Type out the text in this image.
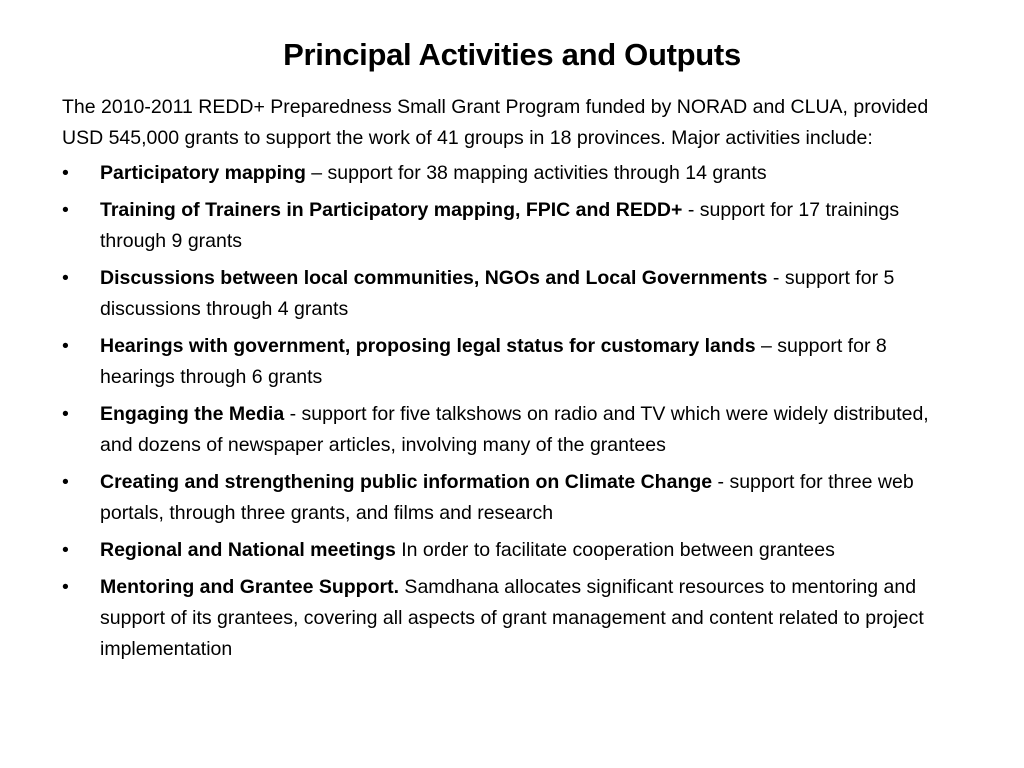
Principal Activities and Outputs

The 2010-2011 REDD+ Preparedness Small Grant Program funded by NORAD and CLUA, provided USD 545,000 grants to support the work of 41 groups in 18 provinces. Major activities include:

•	Participatory mapping – support for 38 mapping activities through 14 grants
•	Training of Trainers in Participatory mapping, FPIC and REDD+ - support for 17 trainings through 9 grants
•	Discussions between local communities, NGOs and Local Governments - support for 5 discussions through 4 grants
•	Hearings with government, proposing legal status for customary lands – support for 8 hearings through 6 grants
•	Engaging the Media - support for five talkshows on radio and TV which were widely distributed, and dozens of newspaper articles, involving many of the grantees
•	Creating and strengthening public information on Climate Change - support for three web portals, through three grants, and films and research
•	Regional and National meetings In order to facilitate cooperation between grantees
•	Mentoring and Grantee Support. Samdhana allocates significant resources to mentoring and support of its grantees, covering all aspects of grant management and content related to project implementation
